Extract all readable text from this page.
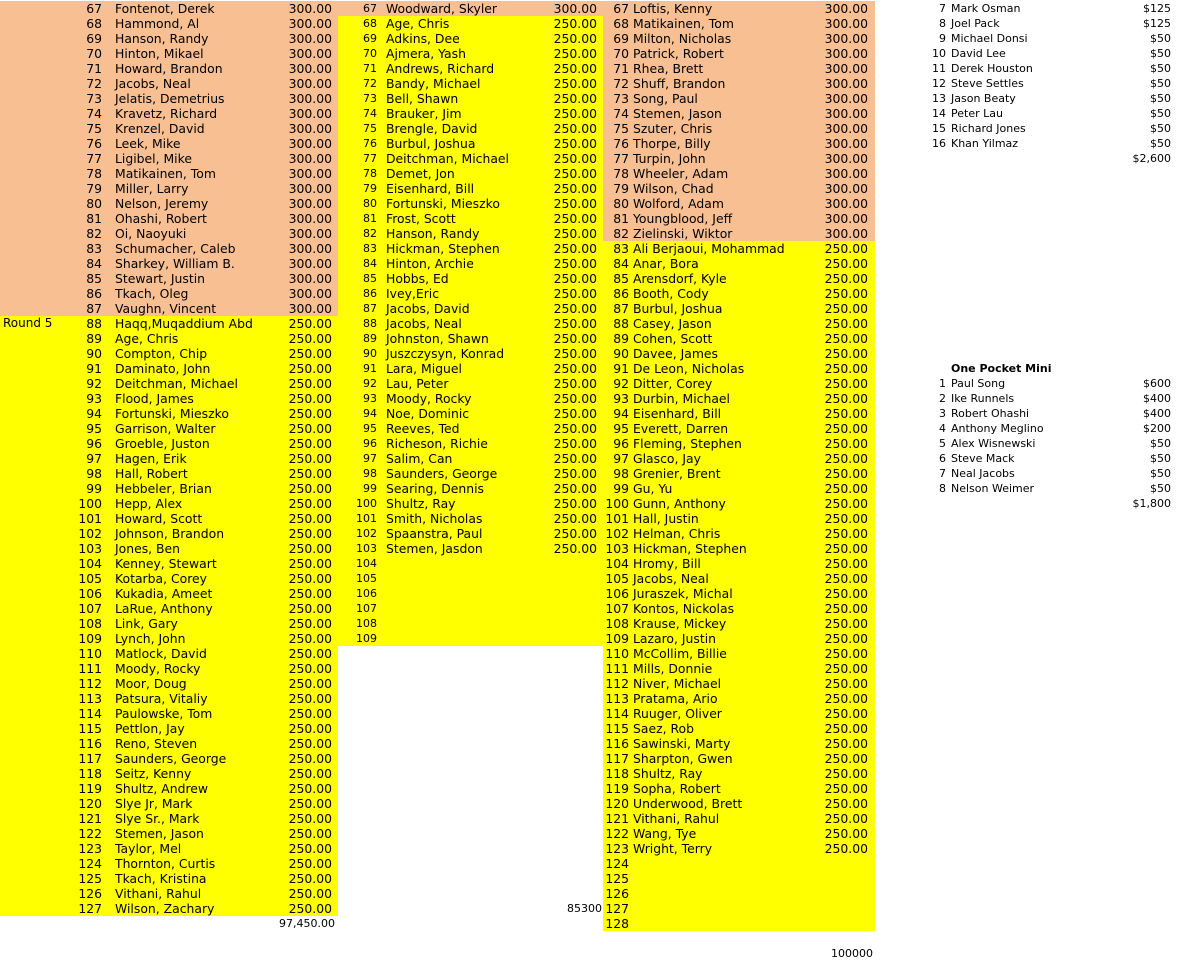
67 Fontenot, Derek	300.00
68 Hammond, Al	300.00
69 Hanson, Randy	300.00
70 Hinton, Mikael	300.00
71 Howard, Brandon	300.00
72 Jacobs, Neal	300.00
73 Jelatis, Demetrius	300.00
74 Kravetz, Richard	300.00
75 Krenzel, David	300.00
76 Leek, Mike	300.00
77 Ligibel, Mike	300.00
78 Matikainen, Tom	300.00
79 Miller, Larry	300.00
80 Nelson, Jeremy	300.00
81 Ohashi, Robert	300.00
82 Oi, Naoyuki	300.00
83 Schumacher, Caleb	300.00
84 Sharkey, William B.	300.00
85 Stewart, Justin	300.00
86 Tkach, Oleg	300.00
87 Vaughn, Vincent	300.00
88 Haqq,Muqaddium Abd	250.00
89 Age, Chris	250.00
90 Compton, Chip	250.00
91 Daminato, John	250.00
92 Deitchman, Michael	250.00
93 Flood, James	250.00
94 Fortunski, Mieszko	250.00
95 Garrison, Walter	250.00
96 Groeble, Juston	250.00
97 Hagen, Erik	250.00
98 Hall, Robert	250.00
99 Hebbeler, Brian	250.00
100 Hepp, Alex	250.00
101 Howard, Scott	250.00
102 Johnson, Brandon	250.00
103 Jones, Ben	250.00
104 Kenney, Stewart	250.00
105 Kotarba, Corey	250.00
106 Kukadia, Ameet	250.00
107 LaRue, Anthony	250.00
108 Link, Gary	250.00
109 Lynch, John	250.00
110 Matlock, David	250.00
111 Moody, Rocky	250.00
112 Moor, Doug	250.00
113 Patsura, Vitaliy	250.00
114 Paulowske, Tom	250.00
115 Pettlon, Jay	250.00
116 Reno, Steven	250.00
117 Saunders, George	250.00
118 Seitz, Kenny	250.00
119 Shultz, Andrew	250.00
120 Slye Jr, Mark	250.00
121 Slye Sr., Mark	250.00
122 Stemen, Jason	250.00
123 Taylor, Mel	250.00
124 Thornton, Curtis	250.00
125 Tkach, Kristina	250.00
126 Vithani, Rahul	250.00
127 Wilson, Zachary	250.00
Round 5
97,450.00
67 Woodward, Skyler	300.00
68 Age, Chris	250.00
69 Adkins, Dee	250.00
70 Ajmera, Yash	250.00
71 Andrews, Richard	250.00
72 Bandy, Michael	250.00
73 Bell, Shawn	250.00
74 Brauker, Jim	250.00
75 Brengle, David	250.00
76 Burbul, Joshua	250.00
77 Deitchman, Michael	250.00
78 Demet, Jon	250.00
79 Eisenhard, Bill	250.00
80 Fortunski, Mieszko	250.00
81 Frost, Scott	250.00
82 Hanson, Randy	250.00
83 Hickman, Stephen	250.00
84 Hinton, Archie	250.00
85 Hobbs, Ed	250.00
86 Ivey,Eric	250.00
87 Jacobs, David	250.00
88 Jacobs, Neal	250.00
89 Johnston, Shawn	250.00
90 Juszczysyn, Konrad	250.00
91 Lara, Miguel	250.00
92 Lau, Peter	250.00
93 Moody, Rocky	250.00
94 Noe, Dominic	250.00
95 Reeves, Ted	250.00
96 Richeson, Richie	250.00
97 Salim, Can	250.00
98 Saunders, George	250.00
99 Searing, Dennis	250.00
100 Shultz, Ray	250.00
101 Smith, Nicholas	250.00
102 Spaanstra, Paul	250.00
103 Stemen, Jasdon	250.00
104
105
106
107
108
109
85300
67 Loftis, Kenny	300.00
68 Matikainen, Tom	300.00
69 Milton, Nicholas	300.00
70 Patrick, Robert	300.00
71 Rhea, Brett	300.00
72 Shuff, Brandon	300.00
73 Song, Paul	300.00
74 Stemen, Jason	300.00
75 Szuter, Chris	300.00
76 Thorpe, Billy	300.00
77 Turpin, John	300.00
78 Wheeler, Adam	300.00
79 Wilson, Chad	300.00
80 Wolford, Adam	300.00
81 Youngblood, Jeff	300.00
82 Zielinski, Wiktor	300.00
83 Ali Berjaoui, Mohammad	250.00
84 Anar, Bora	250.00
85 Arensdorf, Kyle	250.00
86 Booth, Cody	250.00
87 Burbul, Joshua	250.00
88 Casey, Jason	250.00
89 Cohen, Scott	250.00
90 Davee, James	250.00
91 De Leon, Nicholas	250.00
92 Ditter, Corey	250.00
93 Durbin, Michael	250.00
94 Eisenhard, Bill	250.00
95 Everett, Darren	250.00
96 Fleming, Stephen	250.00
97 Glasco, Jay	250.00
98 Grenier, Brent	250.00
99 Gu, Yu	250.00
100 Gunn, Anthony	250.00
101 Hall, Justin	250.00
102 Helman, Chris	250.00
103 Hickman, Stephen	250.00
104 Hromy, Bill	250.00
105 Jacobs, Neal	250.00
106 Juraszek, Michal	250.00
107 Kontos, Nickolas	250.00
108 Krause, Mickey	250.00
109 Lazaro, Justin	250.00
110 McCollim, Billie	250.00
111 Mills, Donnie	250.00
112 Niver, Michael	250.00
113 Pratama, Ario	250.00
114 Ruuger, Oliver	250.00
115 Saez, Rob	250.00
116 Sawinski, Marty	250.00
117 Sharpton, Gwen	250.00
118 Shultz, Ray	250.00
119 Sopha, Robert	250.00
120 Underwood, Brett	250.00
121 Vithani, Rahul	250.00
122 Wang, Tye	250.00
123 Wright, Terry	250.00
124
125
126
127
128
100000
7 Mark Osman	$125
8 Joel Pack	$125
9 Michael Donsi	$50
10 David Lee	$50
11 Derek Houston	$50
12 Steve Settles	$50
13 Jason Beaty	$50
14 Peter Lau	$50
15 Richard Jones	$50
16 Khan Yilmaz	$50
$2,600
One Pocket Mini
1 Paul Song	$600
2 Ike Runnels	$400
3 Robert Ohashi	$400
4 Anthony Meglino	$200
5 Alex Wisnewski	$50
6 Steve Mack	$50
7 Neal Jacobs	$50
8 Nelson Weimer	$50
$1,800
